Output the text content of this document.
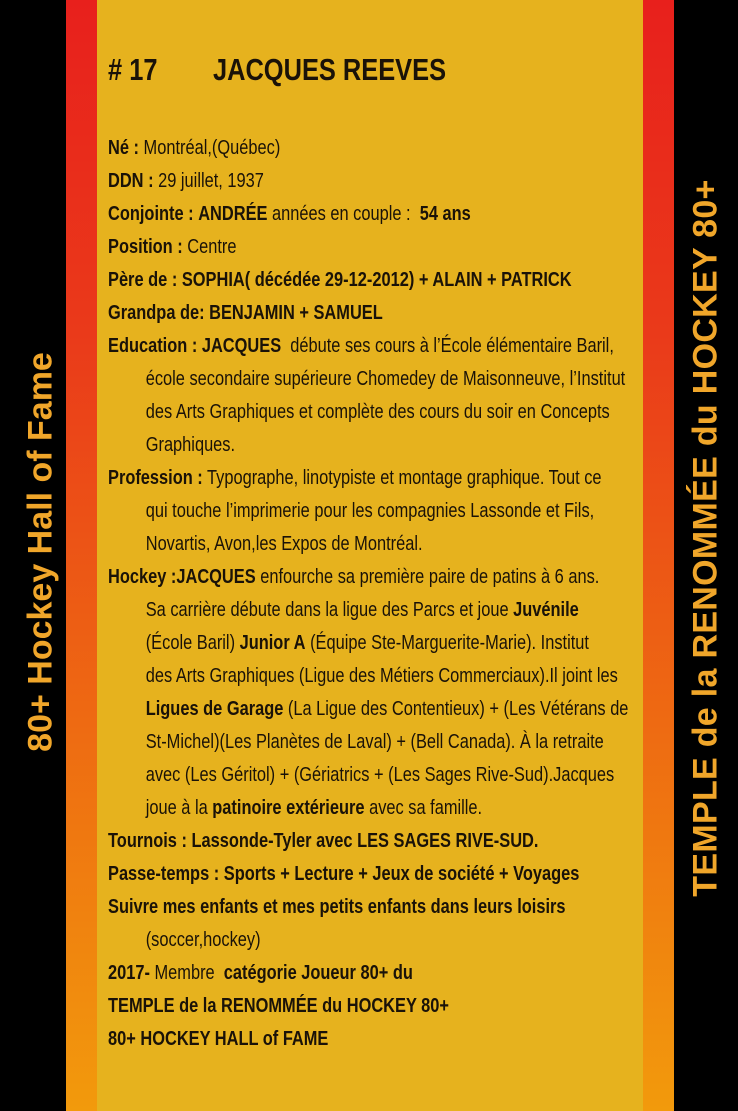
80+ Hockey Hall of Fame	TEMPLE de la RENOMMÉE du HOCKEY 80+
# 17 JACQUES REEVES
Né : Montréal,(Québec)
DDN : 29 juillet, 1937
Conjointe : ANDRÉE années en couple : 54 ans
Position : Centre
Père de : SOPHIA( décédée 29-12-2012) + ALAIN + PATRICK
Grandpa de: BENJAMIN + SAMUEL
Education : JACQUES débute ses cours à l’École élémentaire Baril,
école secondaire supérieure Chomedey de Maisonneuve, l’Institut
des Arts Graphiques et complète des cours du soir en Concepts
Graphiques.
Profession : Typographe, linotypiste et montage graphique. Tout ce
qui touche l’imprimerie pour les compagnies Lassonde et Fils,
Novartis, Avon,les Expos de Montréal.
Hockey :JACQUES enfourche sa première paire de patins à 6 ans.
Sa carrière débute dans la ligue des Parcs et joue Juvénile
(École Baril) Junior A (Équipe Ste-Marguerite-Marie). Institut
des Arts Graphiques (Ligue des Métiers Commerciaux).Il joint les
Ligues de Garage (La Ligue des Contentieux) + (Les Vétérans de
St-Michel)(Les Planètes de Laval) + (Bell Canada). À la retraite
avec (Les Géritol) + (Gériatrics + (Les Sages Rive-Sud).Jacques
joue à la patinoire extérieure avec sa famille.
Tournois : Lassonde-Tyler avec LES SAGES RIVE-SUD.
Passe-temps : Sports + Lecture + Jeux de société + Voyages
Suivre mes enfants et mes petits enfants dans leurs loisirs
(soccer,hockey)
2017- Membre catégorie Joueur 80+ du
TEMPLE de la RENOMMÉE du HOCKEY 80+
80+ HOCKEY HALL of FAME
